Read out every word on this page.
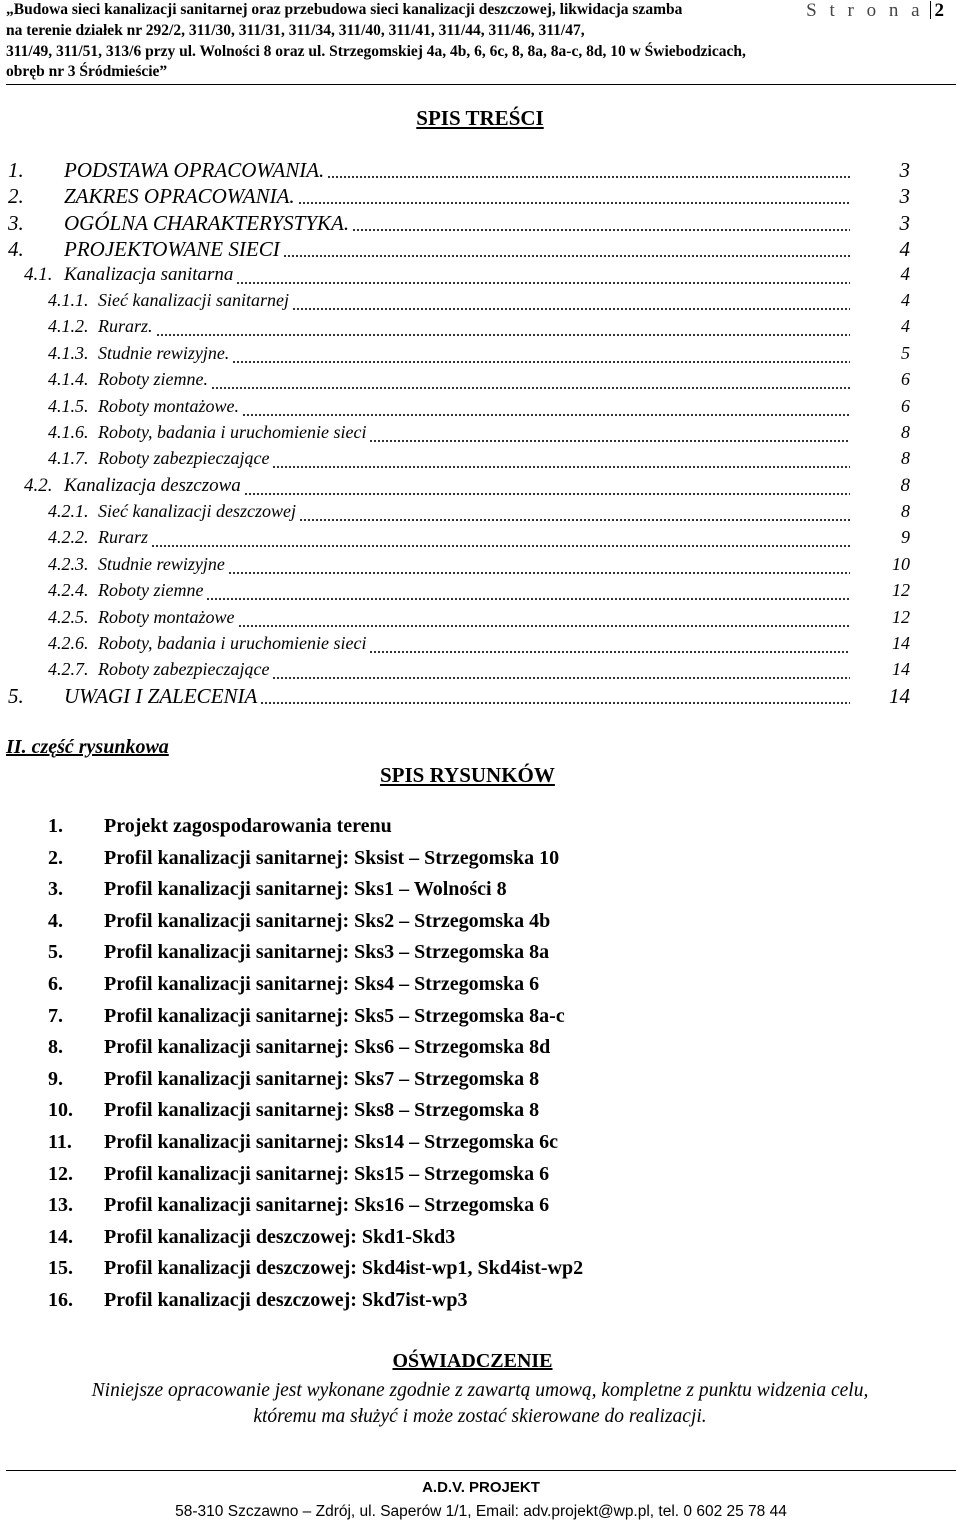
„Budowa sieci kanalizacji sanitarnej oraz przebudowa sieci kanalizacji deszczowej, likwidacja szamba
na terenie działek nr 292/2, 311/30, 311/31, 311/34, 311/40, 311/41, 311/44, 311/46, 311/47,
311/49, 311/51, 313/6 przy ul. Wolności 8 oraz ul. Strzegomskiej 4a, 4b, 6, 6c, 8, 8a, 8a-c, 8d, 10 w Świebodzicach,
obręb nr 3 Śródmieście”
S t r o n a 2
SPIS TREŚCI
1. PODSTAWA OPRACOWANIA.	3
2. ZAKRES OPRACOWANIA.	3
3. OGÓLNA CHARAKTERYSTYKA.	3
4. PROJEKTOWANE SIECI	4
4.1. Kanalizacja sanitarna	4
4.1.1. Sieć kanalizacji sanitarnej	4
4.1.2. Rurarz.	4
4.1.3. Studnie rewizyjne.	5
4.1.4. Roboty ziemne.	6
4.1.5. Roboty montażowe.	6
4.1.6. Roboty, badania i uruchomienie sieci	8
4.1.7. Roboty zabezpieczające	8
4.2. Kanalizacja deszczowa	8
4.2.1. Sieć kanalizacji deszczowej	8
4.2.2. Rurarz	9
4.2.3. Studnie rewizyjne	10
4.2.4. Roboty ziemne	12
4.2.5. Roboty montażowe	12
4.2.6. Roboty, badania i uruchomienie sieci	14
4.2.7. Roboty zabezpieczające	14
5. UWAGI I ZALECENIA	14
II. część rysunkowa
SPIS RYSUNKÓW
1. Projekt zagospodarowania terenu
2. Profil kanalizacji sanitarnej: Sksist – Strzegomska 10
3. Profil kanalizacji sanitarnej: Sks1 – Wolności 8
4. Profil kanalizacji sanitarnej: Sks2 – Strzegomska 4b
5. Profil kanalizacji sanitarnej: Sks3 – Strzegomska 8a
6. Profil kanalizacji sanitarnej: Sks4 – Strzegomska 6
7. Profil kanalizacji sanitarnej: Sks5 – Strzegomska 8a-c
8. Profil kanalizacji sanitarnej: Sks6 – Strzegomska 8d
9. Profil kanalizacji sanitarnej: Sks7 – Strzegomska 8
10. Profil kanalizacji sanitarnej: Sks8 – Strzegomska 8
11. Profil kanalizacji sanitarnej: Sks14 – Strzegomska 6c
12. Profil kanalizacji sanitarnej: Sks15 – Strzegomska 6
13. Profil kanalizacji sanitarnej: Sks16 – Strzegomska 6
14. Profil kanalizacji deszczowej: Skd1-Skd3
15. Profil kanalizacji deszczowej: Skd4ist-wp1, Skd4ist-wp2
16. Profil kanalizacji deszczowej: Skd7ist-wp3
OŚWIADCZENIE
Niniejsze opracowanie jest wykonane zgodnie z zawartą umową, kompletne z punktu widzenia celu,
któremu ma służyć i może zostać skierowane do realizacji.
A.D.V. PROJEKT
58-310 Szczawno – Zdrój, ul. Saperów 1/1, Email: adv.projekt@wp.pl, tel. 0 602 25 78 44
